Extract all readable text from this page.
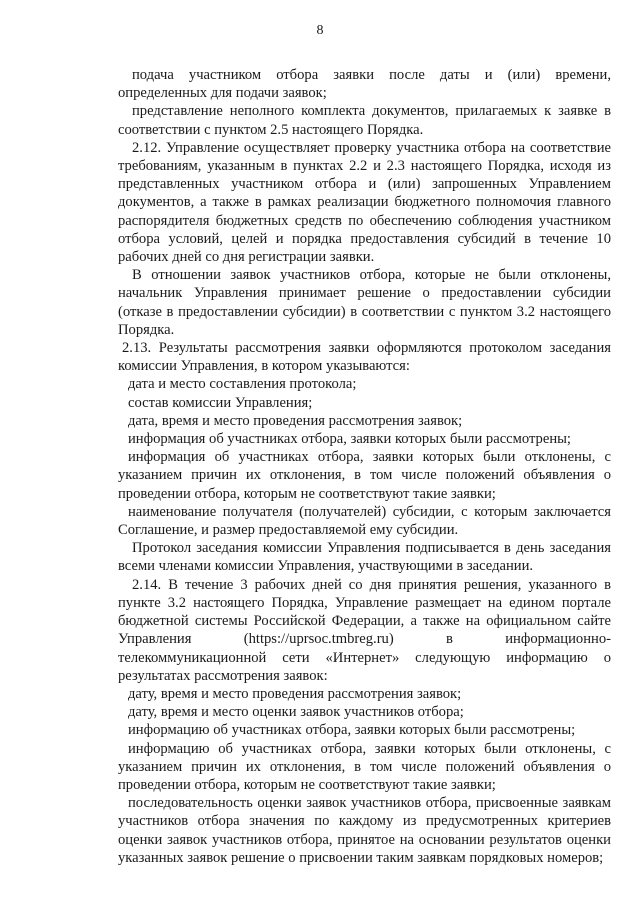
8

подача участником отбора заявки после даты и (или) времени, определенных для подачи заявок;

представление неполного комплекта документов, прилагаемых к заявке в соответствии с пунктом 2.5 настоящего Порядка.

2.12. Управление осуществляет проверку участника отбора на соответствие требованиям, указанным в пунктах 2.2 и 2.3 настоящего Порядка, исходя из представленных участником отбора и (или) запрошенных Управлением документов, а также в рамках реализации бюджетного полномочия главного распорядителя бюджетных средств по обеспечению соблюдения участником отбора условий, целей и порядка предоставления субсидий в течение 10 рабочих дней со дня регистрации заявки.

В отношении заявок участников отбора, которые не были отклонены, начальник Управления принимает решение о предоставлении субсидии (отказе в предоставлении субсидии) в соответствии с пунктом 3.2 настоящего Порядка.

2.13. Результаты рассмотрения заявки оформляются протоколом заседания комиссии Управления, в котором указываются:

дата и место составления протокола;

состав комиссии Управления;

дата, время и место проведения рассмотрения заявок;

информация об участниках отбора, заявки которых были рассмотрены;

информация об участниках отбора, заявки которых были отклонены, с указанием причин их отклонения, в том числе положений объявления о проведении отбора, которым не соответствуют такие заявки;

наименование получателя (получателей) субсидии, с которым заключается Соглашение, и размер предоставляемой ему субсидии.

Протокол заседания комиссии Управления подписывается в день заседания всеми членами комиссии Управления, участвующими в заседании.

2.14. В течение 3 рабочих дней со дня принятия решения, указанного в пункте 3.2 настоящего Порядка, Управление размещает на едином портале бюджетной системы Российской Федерации, а также на официальном сайте Управления (https://uprsoc.tmbreg.ru) в информационно-телекоммуникационной сети «Интернет» следующую информацию о результатах рассмотрения заявок:

дату, время и место проведения рассмотрения заявок;

дату, время и место оценки заявок участников отбора;

информацию об участниках отбора, заявки которых были рассмотрены;

информацию об участниках отбора, заявки которых были отклонены, с указанием причин их отклонения, в том числе положений объявления о проведении отбора, которым не соответствуют такие заявки;

последовательность оценки заявок участников отбора, присвоенные заявкам участников отбора значения по каждому из предусмотренных критериев оценки заявок участников отбора, принятое на основании результатов оценки указанных заявок решение о присвоении таким заявкам порядковых номеров;
